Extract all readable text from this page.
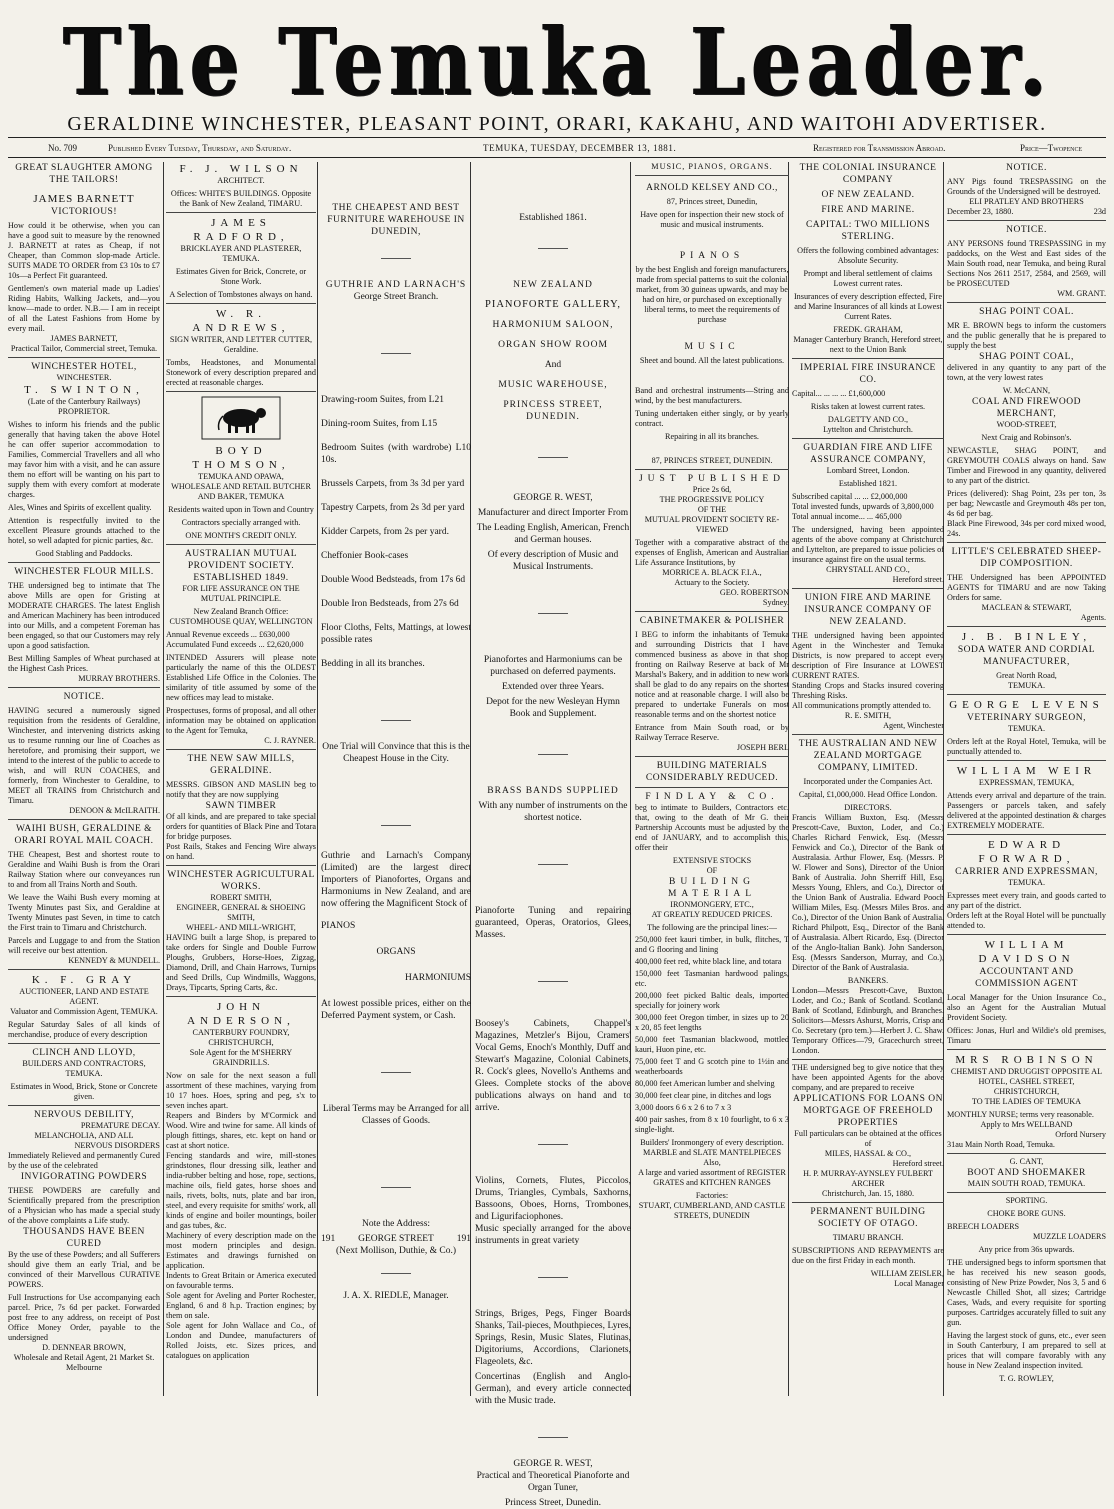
The Temuka Leader.
GERALDINE WINCHESTER, PLEASANT POINT, ORARI, KAKAHU, AND WAITOHI ADVERTISER.
No. 709	Published Every Tuesday, Thursday, and Saturday.	TEMUKA, TUESDAY, DECEMBER 13, 1881.	Registered for Transmission Abroad.	Price—Twopence
GREAT SLAUGHTER AMONG THE TAILORS!
JAMES BARNETT
VICTORIOUS!
How could it be otherwise, when you can have a good suit to measure by the renowned J. BARNETT at rates as Cheap, if not Cheaper, than Common slop-made Article. SUITS MADE TO ORDER from £3 10s to £7 10s—a Perfect Fit guaranteed.
Gentlemen's own material made up Ladies' Riding Habits, Walking Jackets, and—you know—made to order. N.B.— I am in receipt of all the Latest Fashions from Home by every mail.
JAMES BARNETT,
Practical Tailor, Commercial street, Temuka.
WINCHESTER HOTEL,
WINCHESTER.
T. SWINTON,
(Late of the Canterbury Railways) PROPRIETOR.
Wishes to inform his friends and the public generally that having taken the above Hotel he can offer superior accommodation to Families, Commercial Travellers and all who may favor him with a visit, and he can assure them no effort will be wanting on his part to supply them with every comfort at moderate charges.
Ales, Wines and Spirits of excellent quality.
Attention is respectfully invited to the excellent Pleasure grounds attached to the hotel, so well adapted for picnic parties, &c.
Good Stabling and Paddocks.
WINCHESTER FLOUR MILLS.
THE undersigned beg to intimate that The above Mills are open for Gristing at MODERATE CHARGES. The latest English and American Machinery has been introduced into our Mills, and a competent Foreman has been engaged, so that our Customers may rely upon a good satisfaction.
Best Milling Samples of Wheat purchased at the Highest Cash Prices.
MURRAY BROTHERS.
NOTICE.
HAVING secured a numerously signed requisition from the residents of Geraldine, Winchester, and intervening districts asking us to resume running our line of Coaches as heretofore, and promising their support, we intend to the interest of the public to accede to wish, and will RUN COACHES, and formerly, from Winchester to Geraldine, to MEET all TRAINS from Christchurch and Timaru.
DENOON & McILRAITH.
WAIHI BUSH, GERALDINE & ORARI ROYAL MAIL COACH.
THE Cheapest, Best and shortest route to Geraldine and Waihi Bush is from the Orari Railway Station where our conveyances run to and from all Trains North and South.
We leave the Waihi Bush every morning at Twenty Minutes past Six, and Geraldine at Twenty Minutes past Seven, in time to catch the First train to Timaru and Christchurch.
Parcels and Luggage to and from the Station will receive our best attention.
KENNEDY & MUNDELL.
K. F. GRAY
AUCTIONEER, LAND AND ESTATE AGENT.
Valuator and Commission Agent, TEMUKA.
Regular Saturday Sales of all kinds of merchandise, produce of every description
CLINCH AND LLOYD,
BUILDERS AND CONTRACTORS, TEMUKA.
Estimates in Wood, Brick, Stone or Concrete given.
NERVOUS DEBILITY,
PREMATURE DECAY.
MELANCHOLIA, AND ALL
NERVOUS DISORDERS
Immediately Relieved and permanently Cured by the use of the celebrated
INVIGORATING POWDERS
THESE POWDERS are carefully and Scientifically prepared from the prescription of a Physician who has made a special study of the above complaints a Life study.
THOUSANDS HAVE BEEN CURED
By the use of these Powders; and all Sufferers should give them an early Trial, and be convinced of their Marvellous CURATIVE POWERS.
Full Instructions for Use accompanying each parcel. Price, 7s 6d per packet. Forwarded post free to any address, on receipt of Post Office Money Order, payable to the undersigned
D. DENNEAR BROWN,
Wholesale and Retail Agent, 21 Market St. Melbourne
F. J. WILSON
ARCHITECT.
Offices: WHITE'S BUILDINGS. Opposite the Bank of New Zealand, TIMARU.
JAMES RADFORD,
BRICKLAYER AND PLASTERER, TEMUKA.
Estimates Given for Brick, Concrete, or Stone Work.
A Selection of Tombstones always on hand.
W. R. ANDREWS,
SIGN WRITER, AND LETTER CUTTER, Geraldine.
Tombs, Headstones, and Monumental Stonework of every description prepared and erected at reasonable charges.
BOYD THOMSON,
TEMUKA AND OPAWA,
WHOLESALE AND RETAIL BUTCHER AND BAKER, TEMUKA
Residents waited upon in Town and Country
Contractors specially arranged with.
ONE MONTH'S CREDIT ONLY.
AUSTRALIAN MUTUAL PROVIDENT SOCIETY.
ESTABLISHED 1849.
FOR LIFE ASSURANCE ON THE MUTUAL PRINCIPLE.
New Zealand Branch Office: CUSTOMHOUSE QUAY, WELLINGTON
Annual Revenue exceeds ... £630,000
Accumulated Fund exceeds ... £2,620,000
INTENDED Assurers will please note particularly the name of this the OLDEST Established Life Office in the Colonies. The similarity of title assumed by some of the new offices may lead to mistake.
Prospectuses, forms of proposal, and all other information may be obtained on application to the Agent for Temuka,
C. J. RAYNER.
THE NEW SAW MILLS, GERALDINE.
MESSRS. GIBSON AND MASLIN beg to notify that they are now supplying
SAWN TIMBER
Of all kinds, and are prepared to take special orders for quantities of Black Pine and Totara for bridge purposes.
Post Rails, Stakes and Fencing Wire always on hand.
WINCHESTER AGRICULTURAL WORKS.
ROBERT SMITH,
ENGINEER, GENERAL & SHOEING SMITH,
WHEEL- AND MILL-WRIGHT,
HAVING built a large Shop, is prepared to take orders for Single and Double Furrow Ploughs, Grubbers, Horse-Hoes, Zigzag, Diamond, Drill, and Chain Harrows, Turnips and Seed Drills, Cup Windmills, Waggons, Drays, Tipcarts, Spring Carts, &c.
JOHN ANDERSON,
CANTERBURY FOUNDRY, CHRISTCHURCH,
Sole Agent for the M'SHERRY GRAINDRILLS.
Now on sale for the next season a full assortment of these machines, varying from 10 17 hoes. Hoes, spring and peg, s'x to seven inches apart.
Reapers and Binders by M'Cormick and Wood. Wire and twine for same. All kinds of plough fittings, shares, etc. kept on hand or cast at short notice.
Fencing standards and wire, mill-stones grindstones, flour dressing silk, leather and india-rubber belting and hose, rope, sections, machine oils, field gates, horse shoes and nails, rivets, bolts, nuts, plate and bar iron, steel, and every requisite for smiths' work, all kinds of engine and boiler mountings, boiler and gas tubes, &c.
Machinery of every description made on the most modern principles and design. Estimates and drawings furnished on application.
Indents to Great Britain or America executed on favourable terms.
Sole agent for Aveling and Porter Rochester, England, 6 and 8 h.p. Traction engines; by them on sale.
Sole agent for John Wallace and Co., of London and Dundee, manufacturers of Rolled Joists, etc. Sizes prices, and catalogues on application
THE CHEAPEST AND BEST FURNITURE WAREHOUSE IN DUNEDIN,
GUTHRIE AND LARNACH'S
George Street Branch.
Drawing-room Suites, from L21
Dining-room Suites, from L15
Bedroom Suites (with wardrobe) L10 10s.
Brussels Carpets, from 3s 3d per yard
Tapestry Carpets, from 2s 3d per yard
Kidder Carpets, from 2s per yard.
Cheffonier Book-cases
Double Wood Bedsteads, from 17s 6d
Double Iron Bedsteads, from 27s 6d
Floor Cloths, Felts, Mattings, at lowest possible rates
Bedding in all its branches.
One Trial will Convince that this is the Cheapest House in the City.
Guthrie and Larnach's Company (Limited) are the largest direct Importers of Pianofortes, Organs and Harmoniums in New Zealand, and are now offering the Magnificent Stock of
PIANOS
ORGANS
HARMONIUMS
At lowest possible prices, either on the Deferred Payment system, or Cash.
Liberal Terms may be Arranged for all Classes of Goods.
Note the Address:
191 GEORGE STREET 191
(Next Mollison, Duthie, & Co.)
J. A. X. RIEDLE, Manager.
Established 1861.
NEW ZEALAND
PIANOFORTE GALLERY,
HARMONIUM SALOON,
ORGAN SHOW ROOM
And
MUSIC WAREHOUSE,
PRINCESS STREET, DUNEDIN.
GEORGE R. WEST,
Manufacturer and direct Importer From
The Leading English, American, French and German houses.
Of every description of Music and Musical Instruments.
Pianofortes and Harmoniums can be purchased on deferred payments.
Extended over three Years.
Depot for the new Wesleyan Hymn Book and Supplement.
BRASS BANDS SUPPLIED
With any number of instruments on the shortest notice.
Pianoforte Tuning and repairing guaranteed, Operas, Oratorios, Glees, Masses.
Boosey's Cabinets, Chappel's Magazines, Metzler's Bijou, Cramers' Vocal Gems, Enoch's Monthly, Duff and Stewart's Magazine, Colonial Cabinets, R. Cock's glees, Novello's Anthems and Glees. Complete stocks of the above publications always on hand and to arrive.
Violins, Cornets, Flutes, Piccolos, Drums, Triangles, Cymbals, Saxhorns, Bassoons, Oboes, Horns, Trombones, and Ligurifaciophones.
Music specially arranged for the above instruments in great variety
Strings, Briges, Pegs, Finger Boards Shanks, Tail-pieces, Mouthpieces, Lyres, Springs, Resin, Music Slates, Flutinas, Digitoriums, Accordions, Clarionets, Flageolets, &c.
Concertinas (English and Anglo-German), and every article connected with the Music trade.
GEORGE R. WEST,
Practical and Theoretical Pianoforte and Organ Tuner,
Princess Street, Dunedin.
MUSIC, PIANOS, ORGANS.
ARNOLD KELSEY AND CO.,
87, Princes street, Dunedin,
Have open for inspection their new stock of music and musical instruments.
PIANOS
by the best English and foreign manufacturers, made from special patterns to suit the colonial market, from 30 guineas upwards, and may be had on hire, or purchased on exceptionally liberal terms, to meet the requirements of purchase
MUSIC
Sheet and bound. All the latest publications.
Band and orchestral instruments—String and wind, by the best manufacturers.
Tuning undertaken either singly, or by yearly contract.
Repairing in all its branches.
87, PRINCES STREET, DUNEDIN.
JUST PUBLISHED
Price 2s 6d,
THE PROGRESSIVE POLICY
OF THE
MUTUAL PROVIDENT SOCIETY RE-VIEWED
Together with a comparative abstract of the expenses of English, American and Australian Life Assurance Institutions, by
MORRICE A. BLACK F.I.A.,
Actuary to the Society.
GEO. ROBERTSON
Sydney.
CABINETMAKER & POLISHER
I BEG to inform the inhabitants of Temuka and surrounding Districts that I have commenced business as above in that shop fronting on Railway Reserve at back of Mr Marshal's Bakery, and in addition to new work shall be glad to do any repairs on the shortest notice and at reasonable charge. I will also be prepared to undertake Funerals on most reasonable terms and on the shortest notice
Entrance from Main South road, or by Railway Terrace Reserve.
JOSEPH BERL
BUILDING MATERIALS CONSIDERABLY REDUCED.
FINDLAY & CO.
beg to intimate to Builders, Contractors etc. that, owing to the death of Mr G. their Partnership Accounts must be adjusted by the end of JANUARY, and to accomplish this, offer their
EXTENSIVE STOCKS
OF
BUILDING MATERIAL
IRONMONGERY, ETC.,
AT GREATLY REDUCED PRICES.
The following are the principal lines:—
250,000 feet kauri timber, in bulk, flitches, T and G flooring and lining
400,000 feet red, white black line, and totara
150,000 feet Tasmanian hardwood palings, etc.
200,000 feet picked Baltic deals, imported specially for joinery work
300,000 feet Oregon timber, in sizes up to 20 x 20, 85 feet lengths
50,000 feet Tasmanian blackwood, mottled kauri, Huon pine, etc.
75,000 feet T and G scotch pine to 1½in and weatherboards
80,000 feet American lumber and shelving
30,000 feet clear pine, in ditches and logs
3,000 doors 6 6 x 2 6 to 7 x 3
400 pair sashes, from 8 x 10 fourlight, to 6 x 3 single-light.
Builders' Ironmongery of every description.
MARBLE and SLATE MANTELPIECES
Also,
A large and varied assortment of REGISTER GRATES and KITCHEN RANGES
Factories:
STUART, CUMBERLAND, AND CASTLE STREETS, DUNEDIN
THE COLONIAL INSURANCE COMPANY
OF NEW ZEALAND.
FIRE AND MARINE.
CAPITAL: TWO MILLIONS STERLING.
Offers the following combined advantages: Absolute Security.
Prompt and liberal settlement of claims Lowest current rates.
Insurances of every description effected, Fire and Marine Insurances of all kinds at Lowest Current Rates.
FREDK. GRAHAM,
Manager Canterbury Branch, Hereford street, next to the Union Bank
IMPERIAL FIRE INSURANCE CO.
Capital... ... ... ... £1,600,000
Risks taken at lowest current rates.
DALGETTY AND CO.,
Lyttelton and Christchurch.
GUARDIAN FIRE AND LIFE ASSURANCE COMPANY,
Lombard Street, London.
Established 1821.
Subscribed capital ... ... £2,000,000
Total invested funds, upwards of 3,800,000
Total annual income... ... 465,000
The undersigned, having been appointed agents of the above company at Christchurch and Lyttelton, are prepared to issue policies of insurance against fire on the usual terms.
CHRYSTALL AND CO.,
Hereford street.
UNION FIRE AND MARINE INSURANCE COMPANY OF NEW ZEALAND.
THE undersigned having been appointed Agent in the Winchester and Temuka Districts, is now prepared to accept every description of Fire Insurance at LOWEST CURRENT RATES.
Standing Crops and Stacks insured covering Threshing Risks.
All communications promptly attended to.
R. E. SMITH,
Agent, Winchester
THE AUSTRALIAN AND NEW ZEALAND MORTGAGE COMPANY, LIMITED.
Incorporated under the Companies Act.
Capital, £1,000,000. Head Office London.
DIRECTORS.
Francis William Buxton, Esq. (Messrs Prescott-Cave, Buxton, Loder, and Co.) Charles Richard Fenwick, Esq. (Messrs Fenwick and Co.), Director of the Bank of Australasia. Arthur Flower, Esq. (Messrs. P. W. Flower and Sons), Director of the Union Bank of Australia. John Sherriff Hill, Esq. Messrs Young, Ehlers, and Co.), Director of the Union Bank of Australia. Edward Pooch William Miles, Esq. (Messrs Miles Bros. and Co.), Director of the Union Bank of Australia. Richard Philpott, Esq., Director of the Bank of Australasia. Albert Ricardo, Esq. (Director of the Anglo-Italian Bank). John Sanderson, Esq. (Messrs Sanderson, Murray, and Co.), Director of the Bank of Australasia.
BANKERS.
London—Messrs Prescott-Cave, Buxton, Loder, and Co.; Bank of Scotland. Scotland, Bank of Scotland, Edinburgh, and Branches. Solicitors—Messrs Ashurst, Morris, Crisp and Co. Secretary (pro tem.)—Herbert J. C. Shaw. Temporary Offices—79, Gracechurch street, London.
THE undersigned beg to give notice that they have been appointed Agents for the above company, and are prepared to receive
APPLICATIONS FOR LOANS ON MORTGAGE OF FREEHOLD PROPERTIES
Full particulars can be obtained at the offices of
MILES, HASSAL & CO.,
Hereford street.
H. P. MURRAY-AYNSLEY FULBERT ARCHER
Christchurch, Jan. 15, 1880.
PERMANENT BUILDING SOCIETY OF OTAGO.
TIMARU BRANCH.
SUBSCRIPTIONS AND REPAYMENTS are due on the first Friday in each month.
WILLIAM ZEISLER,
Local Manager
NOTICE.
ANY Pigs found TRESPASSING on the Grounds of the Undersigned will be destroyed.
ELI PRATLEY AND BROTHERS
December 23, 1880.	23d
NOTICE.
ANY PERSONS found TRESPASSING in my paddocks, on the West and East sides of the Main South road, near Temuka, and being Rural Sections Nos 2611 2517, 2584, and 2569, will be PROSECUTED
WM. GRANT.
SHAG POINT COAL.
MR E. BROWN begs to inform the customers and the public generally that he is prepared to supply the best
SHAG POINT COAL,
delivered in any quantity to any part of the town, at the very lowest rates
W. McCANN,
COAL AND FIREWOOD MERCHANT,
WOOD-STREET,
Next Craig and Robinson's.
NEWCASTLE, SHAG POINT, and GREYMOUTH COALS always on hand. Saw Timber and Firewood in any quantity, delivered to any part of the district.
Prices (delivered): Shag Point, 23s per ton, 3s per bag; Newcastle and Greymouth 48s per ton, 4s 6d per bag.
Black Pine Firewood, 34s per cord mixed wood, 24s.
LITTLE'S CELEBRATED SHEEP-DIP COMPOSITION.
THE Undersigned has been APPOINTED AGENTS for TIMARU and are now Taking Orders for same.
MACLEAN & STEWART,
Agents.
J. B. BINLEY,
SODA WATER AND CORDIAL MANUFACTURER,
Great North Road,
TEMUKA.
GEORGE LEVENS
VETERINARY SURGEON,
TEMUKA.
Orders left at the Royal Hotel, Temuka, will be punctually attended to.
WILLIAM WEIR
EXPRESSMAN, TEMUKA,
Attends every arrival and departure of the train. Passengers or parcels taken, and safely delivered at the appointed destination & charges EXTREMELY MODERATE.
EDWARD FORWARD,
CARRIER AND EXPRESSMAN,
TEMUKA.
Expresses meet every train, and goods carted to any part of the district.
Orders left at the Royal Hotel will be punctually attended to.
WILLIAM DAVIDSON
ACCOUNTANT AND COMMISSION AGENT
Local Manager for the Union Insurance Co., also an Agent for the Australian Mutual Provident Society.
Offices: Jonas, Hurl and Wildie's old premises, Timaru
MRS ROBINSON
CHEMIST AND DRUGGIST OPPOSITE AL HOTEL, CASHEL STREET, CHRISTCHURCH,
TO THE LADIES OF TEMUKA
MONTHLY NURSE; terms very reasonable.
Apply to Mrs WELLBAND
Orford Nursery
31au Main North Road, Temuka.
G. CANT,
BOOT AND SHOEMAKER
MAIN SOUTH ROAD, TEMUKA.
SPORTING.
CHOKE BORE GUNS.
BREECH LOADERS
MUZZLE LOADERS
Any price from 36s upwards.
THE undersigned begs to inform sportsmen that he has received his new season goods, consisting of New Prize Powder, Nos 3, 5 and 6 Newcastle Chilled Shot, all sizes; Cartridge Cases, Wads, and every requisite for sporting purposes. Cartridges accurately filled to suit any gun.
Having the largest stock of guns, etc., ever seen in South Canterbury, I am prepared to sell at prices that will compare favorably with any house in New Zealand inspection invited.
T. G. ROWLEY,
